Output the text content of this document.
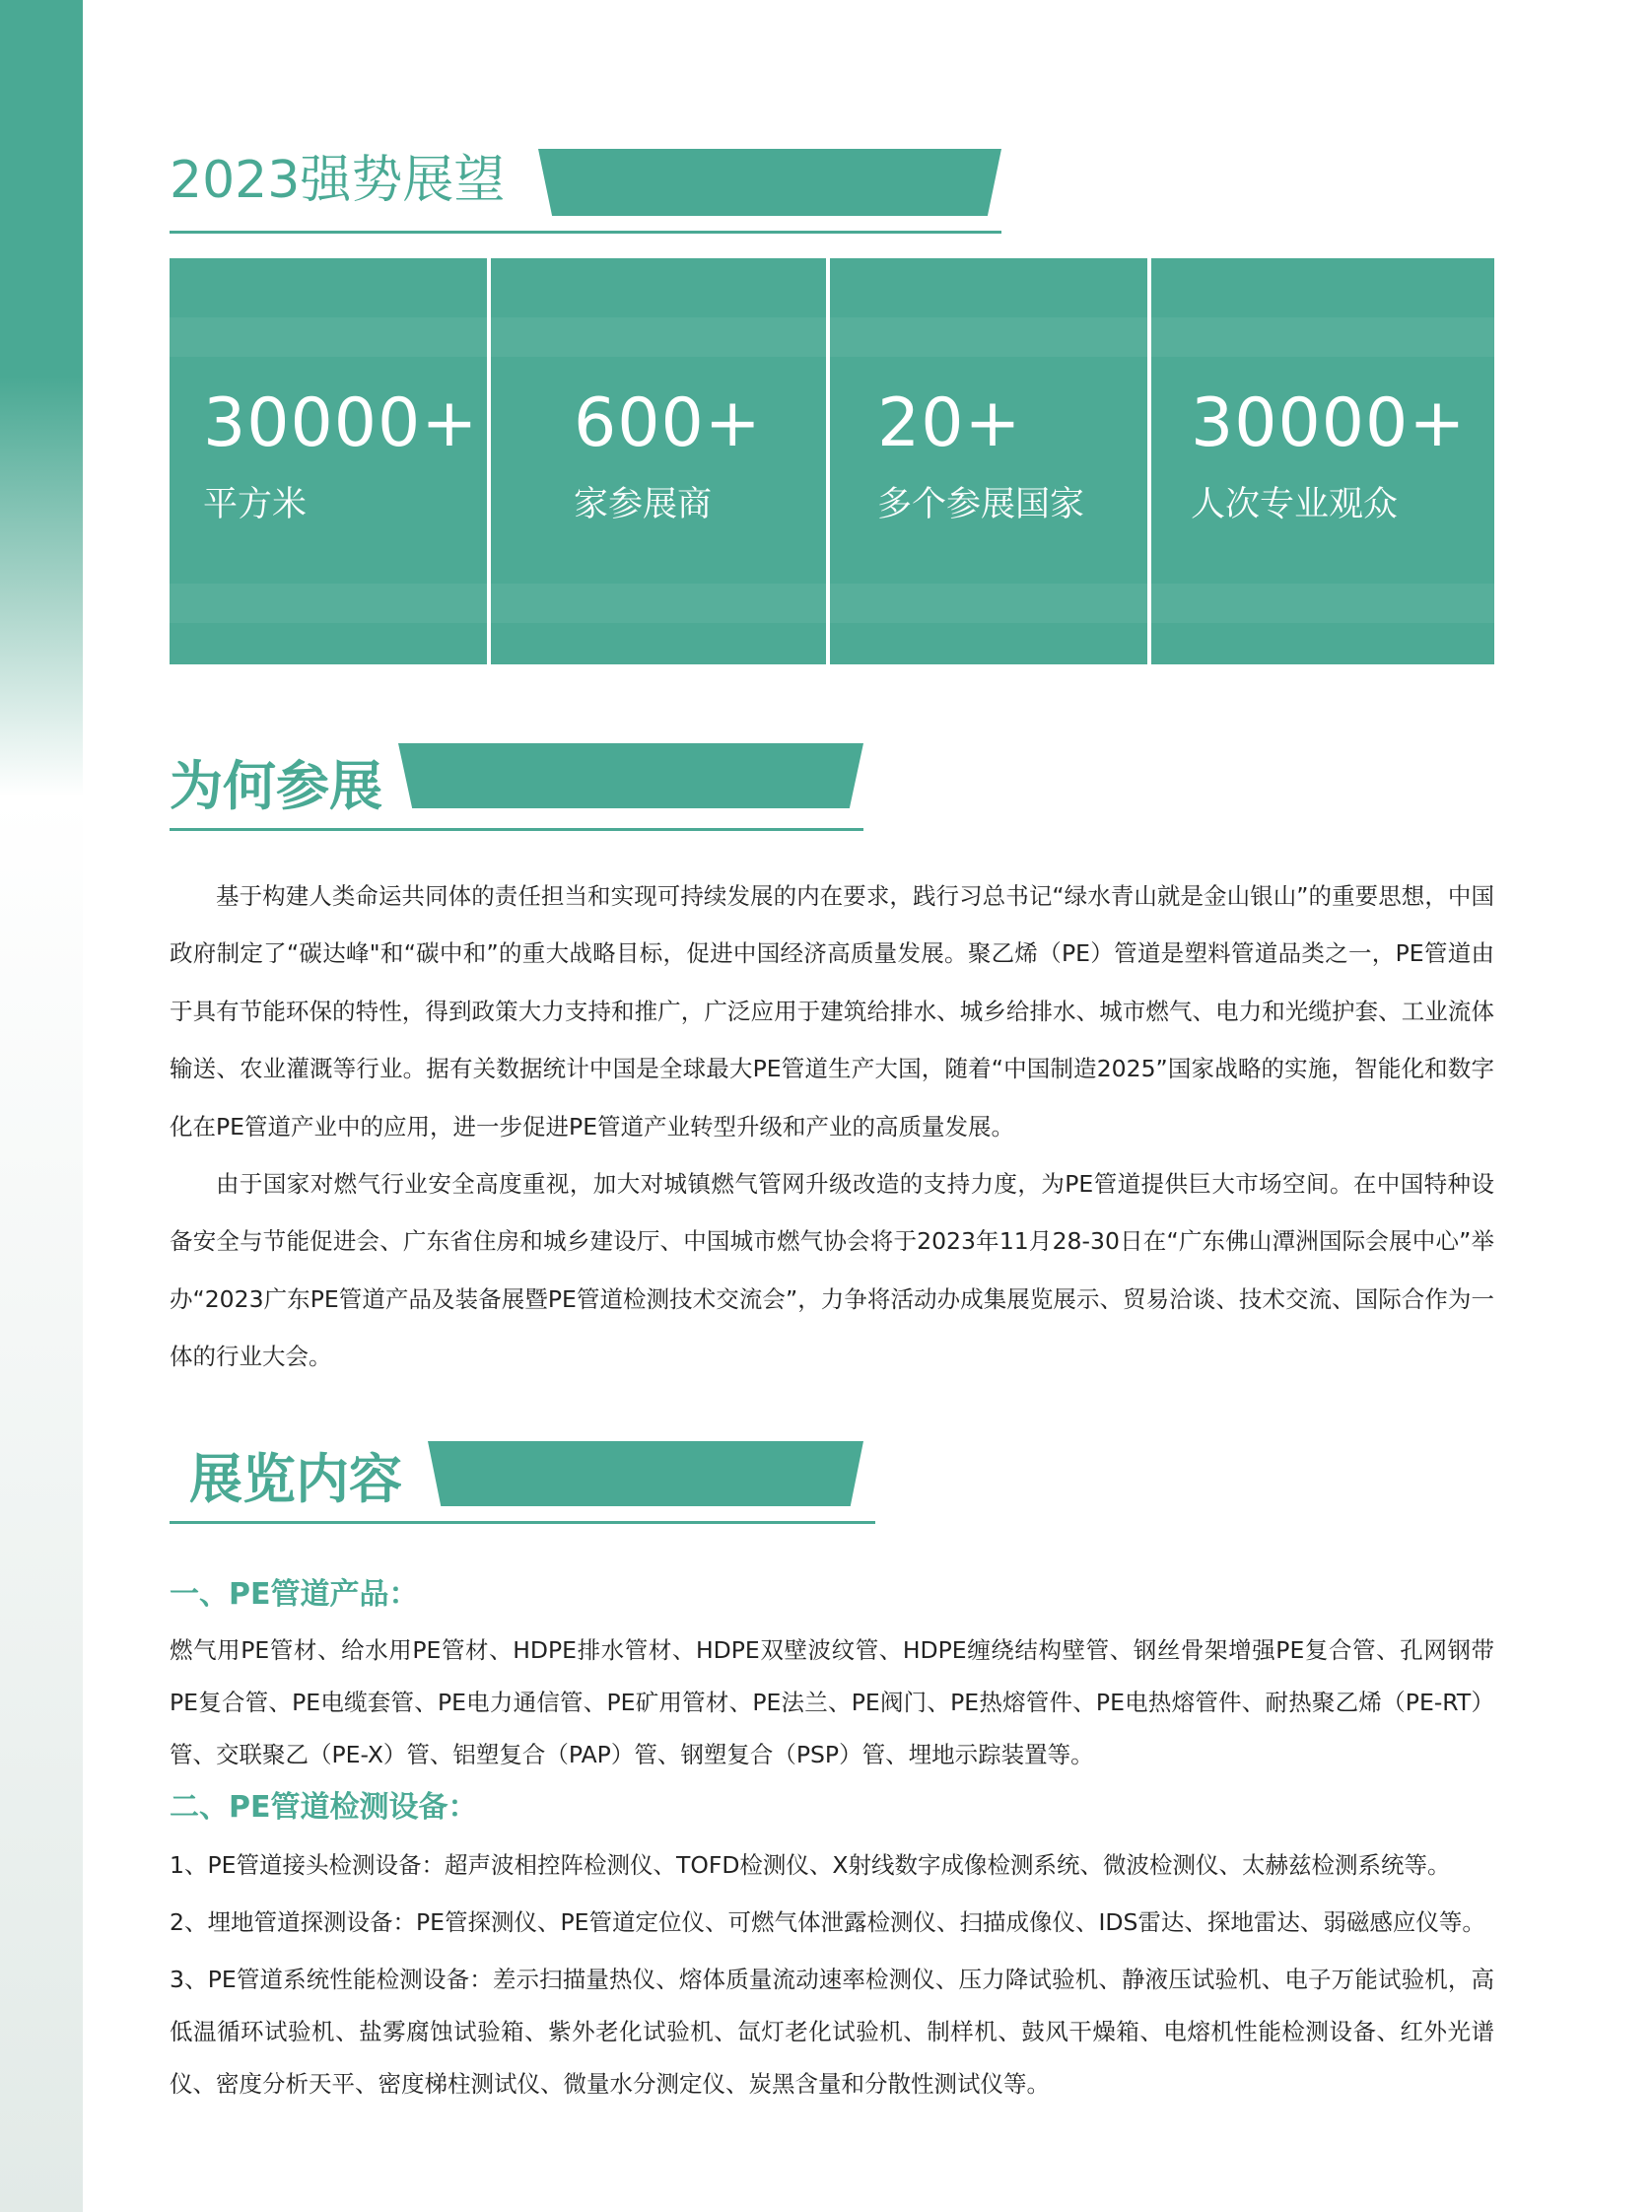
2023强势展望
30000+
平方米
600+
家参展商
20+
多个参展国家
30000+
人次专业观众
为何参展

基于构建人类命运共同体的责任担当和实现可持续发展的内在要求，践行习总书记“绿水青山就是金山银山”的重要思想，中国政府制定了“碳达峰"和“碳中和”的重大战略目标，促进中国经济高质量发展。聚乙烯（PE）管道是塑料管道品类之一，PE管道由于具有节能环保的特性，得到政策大力支持和推广，广泛应用于建筑给排水、城乡给排水、城市燃气、电力和光缆护套、工业流体输送、农业灌溉等行业。据有关数据统计中国是全球最大PE管道生产大国，随着“中国制造2025”国家战略的实施，智能化和数字化在PE管道产业中的应用，进一步促进PE管道产业转型升级和产业的高质量发展。

由于国家对燃气行业安全高度重视，加大对城镇燃气管网升级改造的支持力度，为PE管道提供巨大市场空间。在中国特种设备安全与节能促进会、广东省住房和城乡建设厅、中国城市燃气协会将于2023年11月28-30日在“广东佛山潭洲国际会展中心”举办“2023广东PE管道产品及装备展暨PE管道检测技术交流会”，力争将活动办成集展览展示、贸易洽谈、技术交流、国际合作为一体的行业大会。

展览内容
一、PE管道产品：

燃气用PE管材、给水用PE管材、HDPE排水管材、HDPE双壁波纹管、HDPE缠绕结构壁管、钢丝骨架增强PE复合管、孔网钢带PE复合管、PE电缆套管、PE电力通信管、PE矿用管材、PE法兰、PE阀门、PE热熔管件、PE电热熔管件、耐热聚乙烯（PE-RT）管、交联聚乙（PE-X）管、铝塑复合（PAP）管、钢塑复合（PSP）管、埋地示踪装置等。

二、PE管道检测设备：

1、PE管道接头检测设备：超声波相控阵检测仪、TOFD检测仪、X射线数字成像检测系统、微波检测仪、太赫兹检测系统等。

2、埋地管道探测设备：PE管探测仪、PE管道定位仪、可燃气体泄露检测仪、扫描成像仪、IDS雷达、探地雷达、弱磁感应仪等。

3、PE管道系统性能检测设备：差示扫描量热仪、熔体质量流动速率检测仪、压力降试验机、静液压试验机、电子万能试验机，高低温循环试验机、盐雾腐蚀试验箱、紫外老化试验机、氙灯老化试验机、制样机、鼓风干燥箱、电熔机性能检测设备、红外光谱仪、密度分析天平、密度梯柱测试仪、微量水分测定仪、炭黑含量和分散性测试仪等。
